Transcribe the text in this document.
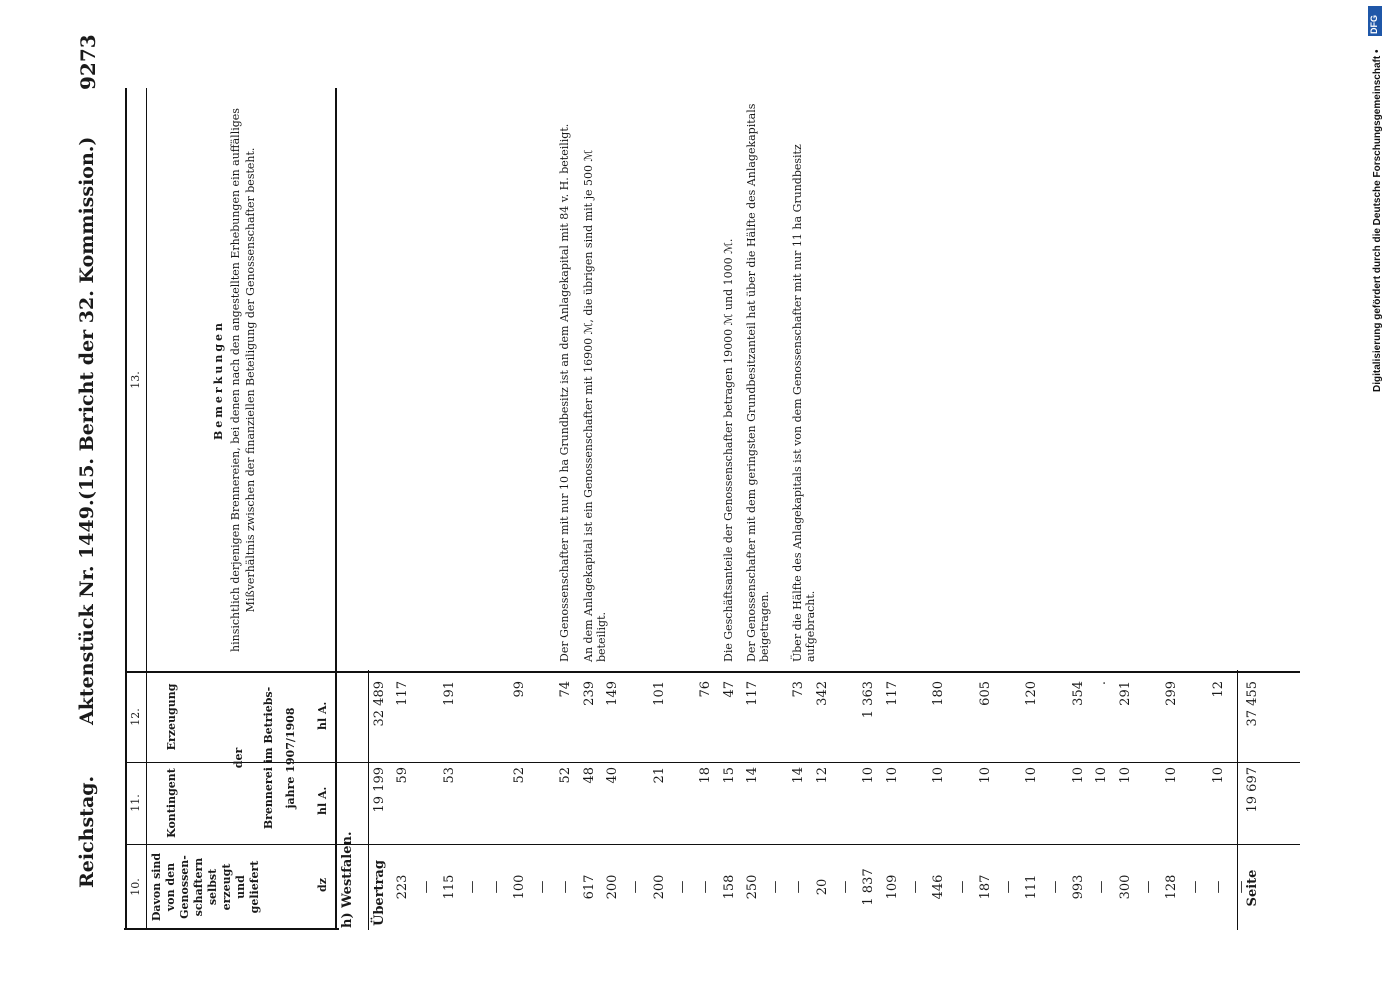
Reichstag.
Aktenstück Nr. 1449.
(15. Bericht der 32. Kommission.)
9273
10.
11.
12.
13.
Davon sind von den Genossen- schaftern selbst erzeugt und geliefert	dz
Kontingent
Erzeugung
der Brennerei im Betriebs- jahre 1907/1908 hl A.
hl A.
Bemerkungen hinsichtlich derjenigen Brennereien, bei denen nach den angestellten Erhebungen ein auffälliges Mißverhältnis zwischen der finanziellen Beteiligung der Genossenschafter besteht.
h) Westfalen. Übertrag
19 199
32 489
223
59
117
— 115
53
191
— — 100
52
99
— —
52
74
Der Genossenschafter mit nur 10 ha Grundbesitz ist an dem Anlagekapital mit 84 v. H. beteiligt.
617
48
239
An dem Anlagekapital ist ein Genossenschafter mit 16900 ℳ, die übrigen sind mit je 500 ℳ beteiligt.
200
40
149
— 200
21
101
— —
18
76
158
15
47
Die Geschäftsanteile der Genossenschafter betragen 19000 ℳ und 1000 ℳ.
250
14
117
Der Genossenschafter mit dem geringsten Grundbesitzanteil hat über die Hälfte des Anlagekapitals beigetragen.
— —
14
73
Über die Hälfte des Anlagekapitals ist von dem Genossenschafter mit nur 11 ha Grundbesitz aufgebracht.
20
12
342
— 1 837
10
1 363
109
10
117
— 446
10
180
— 187
10
605
— 111
10
120
— 993
10
354
—
10
.
300
10
291
— 128
10
299
— —
10
12
—
Seite
19 697
37 455
DFG
Digitalisierung gefördert durch die Deutsche Forschungsgemeinschaft •
